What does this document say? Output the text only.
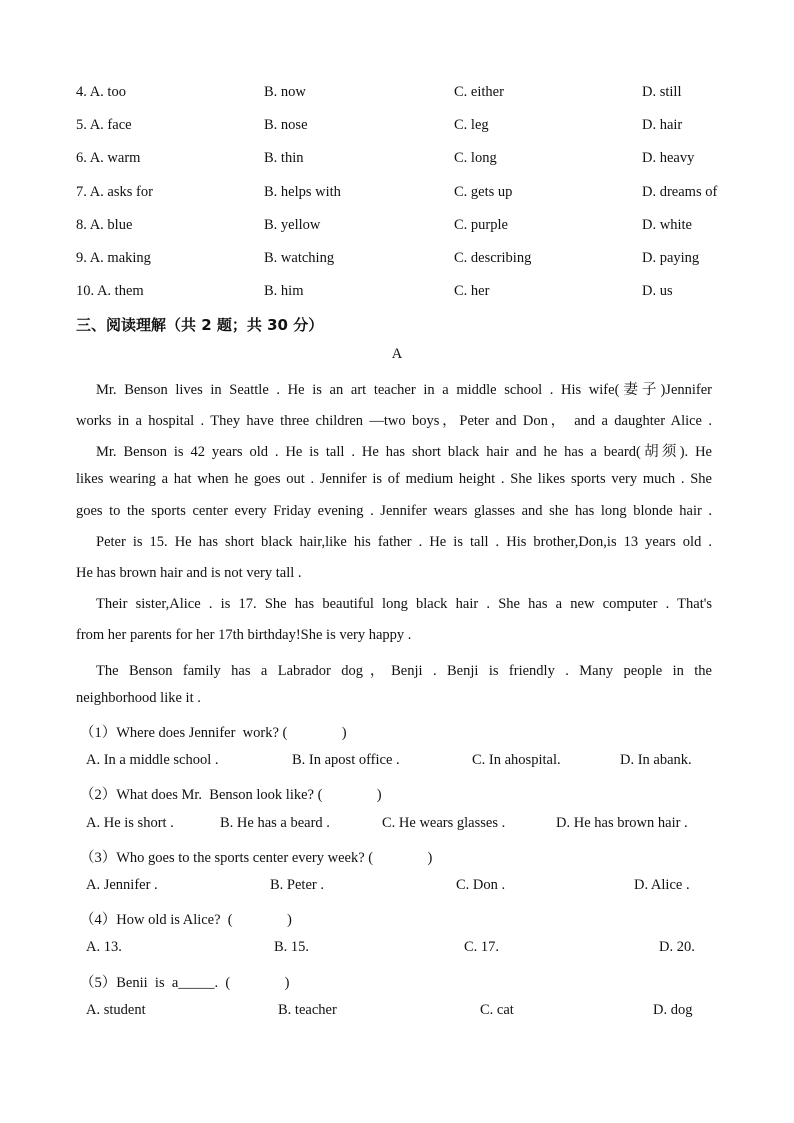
4. A. too	B. now	C. either	D. still
5. A. face	B. nose	C. leg	D. hair
6. A. warm	B. thin	C. long	D. heavy
7. A. asks for	B. helps with	C. gets up	D. dreams of
8. A. blue	B. yellow	C. purple	D. white
9. A. making	B. watching	C. describing	D. paying
10. A. them	B. him	C. her	D. us
三、阅读理解（共 2 题；共 30 分）
A
Mr. Benson lives in Seattle . He is an art teacher in a middle school . His wife(妻子)Jennifer
works in a hospital . They have three children —two boys，Peter and Don， and a daughter Alice .
Mr. Benson is 42 years old . He is tall . He has short black hair and he has a beard(胡须). He
likes wearing a hat when he goes out . Jennifer is of medium height . She likes sports very much . She
goes to the sports center every Friday evening . Jennifer wears glasses and she has long blonde hair .
Peter is 15. He has short black hair,like his father . He is tall . His brother,Don,is 13 years old .
He has brown hair and is not very tall .
Their sister,Alice . is 17. She has beautiful long black hair . She has a new computer . That's
from her parents for her 17th birthday!She is very happy .
The Benson family has a Labrador dog，Benji . Benji is friendly . Many people in the
neighborhood like it .
（1）Where does Jennifer  work? (               )
A. In a middle school .	B. In apost office .	C. In ahospital.	D. In abank.
（2）What does Mr.  Benson look like? (               )
A. He is short .	B. He has a beard .	C. He wears glasses .	D. He has brown hair .
（3）Who goes to the sports center every week? (               )
A. Jennifer .	B. Peter .	C. Don .	D. Alice .
（4）How old is Alice?  (               )
A. 13.	B. 15.	C. 17.	D. 20.
（5）Benii  is  a_____.  (               )
A. student	B. teacher	C. cat	D. dog
